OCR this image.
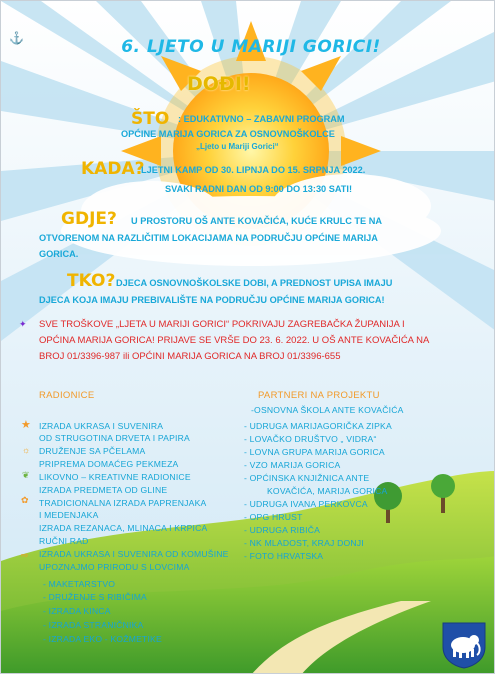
⚓	6. LJETO U MARIJI GORICI!

DOĐI!

ŠTO : EDUKATIVNO – ZABAVNI PROGRAM

OPĆINE MARIJA GORICA ZA OSNOVNOŠKOLCE

„Ljeto u Mariji Gorici“

KADA?

LJETNI KAMP OD 30. LIPNJA DO 15. SRPNJA 2022.

SVAKI RADNI DAN OD 9:00 DO 13:30 SATI!

GDJE? U PROSTORU OŠ ANTE KOVAČIĆA, KUĆE KRULC TE NA

OTVORENOM NA RAZLIČITIM LOKACIJAMA NA PODRUČJU OPĆINE MARIJA

GORICA.

TKO? DJECA OSNOVNOŠKOLSKE DOBI, A PREDNOST UPISA IMAJU

DJECA KOJA IMAJU PREBIVALIŠTE NA PODRUČJU OPĆINE MARIJA GORICA!

✦ SVE TROŠKOVE „LJETA U MARIJI GORICI“ POKRIVAJU ZAGREBAČKA ŽUPANIJA I

OPĆINA MARIJA GORICA! PRIJAVE SE VRŠE DO 23. 6. 2022. U OŠ ANTE KOVAČIĆA NA

BROJ 01/3396-987 ili OPĆINI MARIJA GORICA NA BROJ 01/3396-655

RADIONICE	PARTNERI NA PROJEKTU

★
☼
❦
✿
⇨

IZRADA UKRASA I SUVENIRA

OD STRUGOTINA DRVETA I PAPIRA

DRUŽENJE SA PČELAMA

PRIPREMA DOMAĆEG PEKMEZA

LIKOVNO – KREATIVNE RADIONICE

IZRADA PREDMETA OD GLINE

TRADICIONALNA IZRADA PAPRENJAKA

I MEDENJAKA

IZRADA REZANACA, MLINACA I KRPICA

RUČNI RAD

IZRADA UKRASA I SUVENIRA OD KOMUŠINE

UPOZNAJMO PRIRODU S LOVCIMA

- MAKETARSTVO

- DRUŽENJE S RIBIČIMA

- IZRADA KINCA

- IZRADA STRANIČNIKA

- IZRADA EKO - KOŽMETIKE

-OSNOVNA ŠKOLA ANTE KOVAČIĆA

- UDRUGA MARIJAGORIČKA ZIPKA

- LOVAČKO DRUŠTVO „ VIDRA“

- LOVNA GRUPA MARIJA GORICA

- VZO MARIJA GORICA

- OPĆINSKA KNJIŽNICA ANTE

KOVAČIĆA, MARIJA GORICA

- UDRUGA IVANA PERKOVCA

- OPG HRUST

- UDRUGA RIBIČA

- NK MLADOST, KRAJ DONJI

- FOTO HRVATSKA
